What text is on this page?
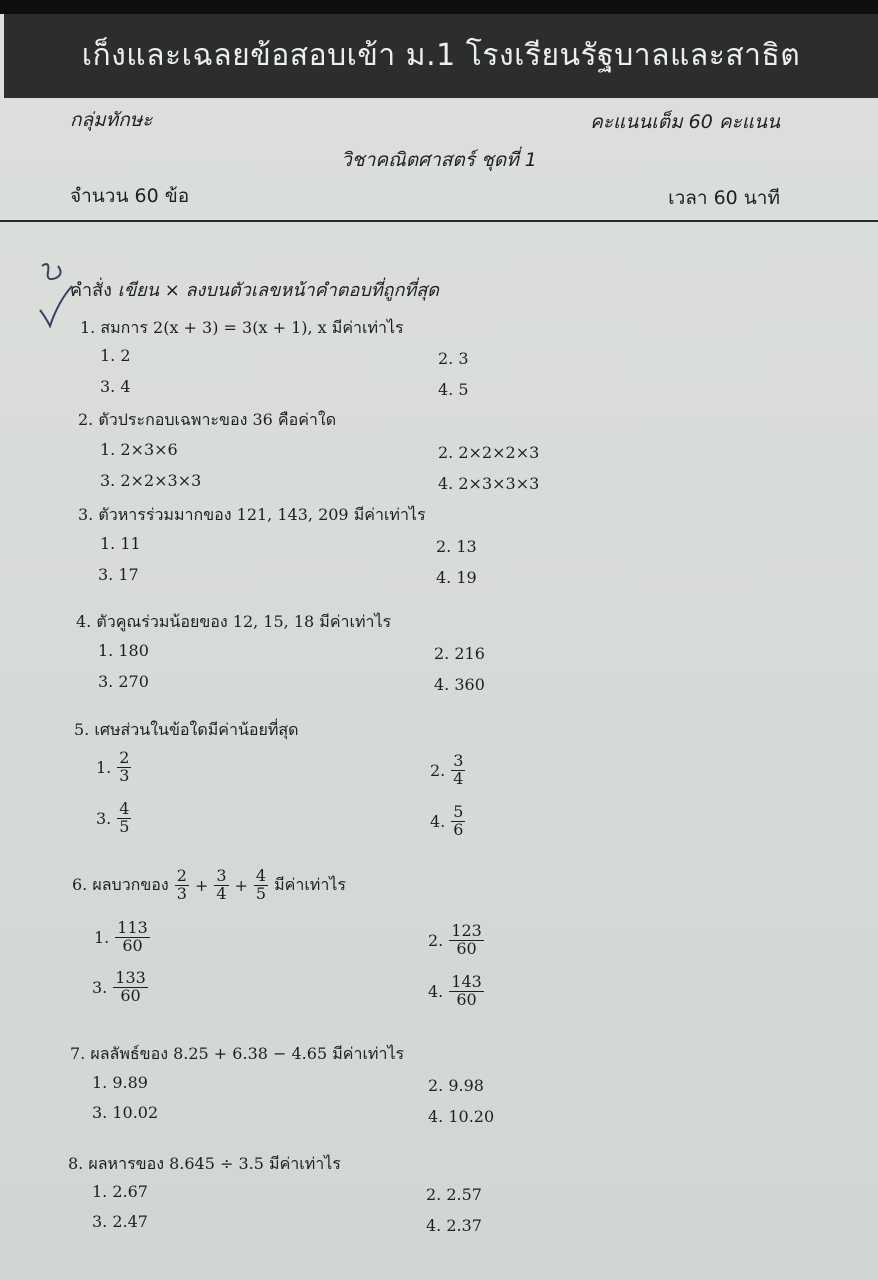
เก็งและเฉลยข้อสอบเข้า ม.1 โรงเรียนรัฐบาลและสาธิต
กลุ่มทักษะ	คะแนนเต็ม 60 คะแนน
วิชาคณิตศาสตร์ ชุดที่ 1
จำนวน 60 ข้อ	เวลา 60 นาที
คำสั่ง เขียน × ลงบนตัวเลขหน้าคำตอบที่ถูกที่สุด
1. สมการ 2(x + 3) = 3(x + 1), x มีค่าเท่าไร
1. 2	2. 3
3. 4	4. 5
2. ตัวประกอบเฉพาะของ 36 คือค่าใด
1. 2×3×6	2. 2×2×2×3
3. 2×2×3×3	4. 2×3×3×3
3. ตัวหารร่วมมากของ 121, 143, 209 มีค่าเท่าไร
1. 11	2. 13
3. 17	4. 19
4. ตัวคูณร่วมน้อยของ 12, 15, 18 มีค่าเท่าไร
1. 180	2. 216
3. 270	4. 360
5. เศษส่วนในข้อใดมีค่าน้อยที่สุด
1. $\frac{2}{3}$	2. $\frac{3}{4}$
3. $\frac{4}{5}$	4. $\frac{5}{6}$
6. ผลบวกของ $\frac{2}{3} + \frac{3}{4} + \frac{4}{5}$ มีค่าเท่าไร
1. $\frac{113}{60}$	2. $\frac{123}{60}$
3. $\frac{133}{60}$	4. $\frac{143}{60}$
7. ผลลัพธ์ของ 8.25 + 6.38 − 4.65 มีค่าเท่าไร
1. 9.89	2. 9.98
3. 10.02	4. 10.20
8. ผลหารของ 8.645 ÷ 3.5 มีค่าเท่าไร
1. 2.67	2. 2.57
3. 2.47	4. 2.37
